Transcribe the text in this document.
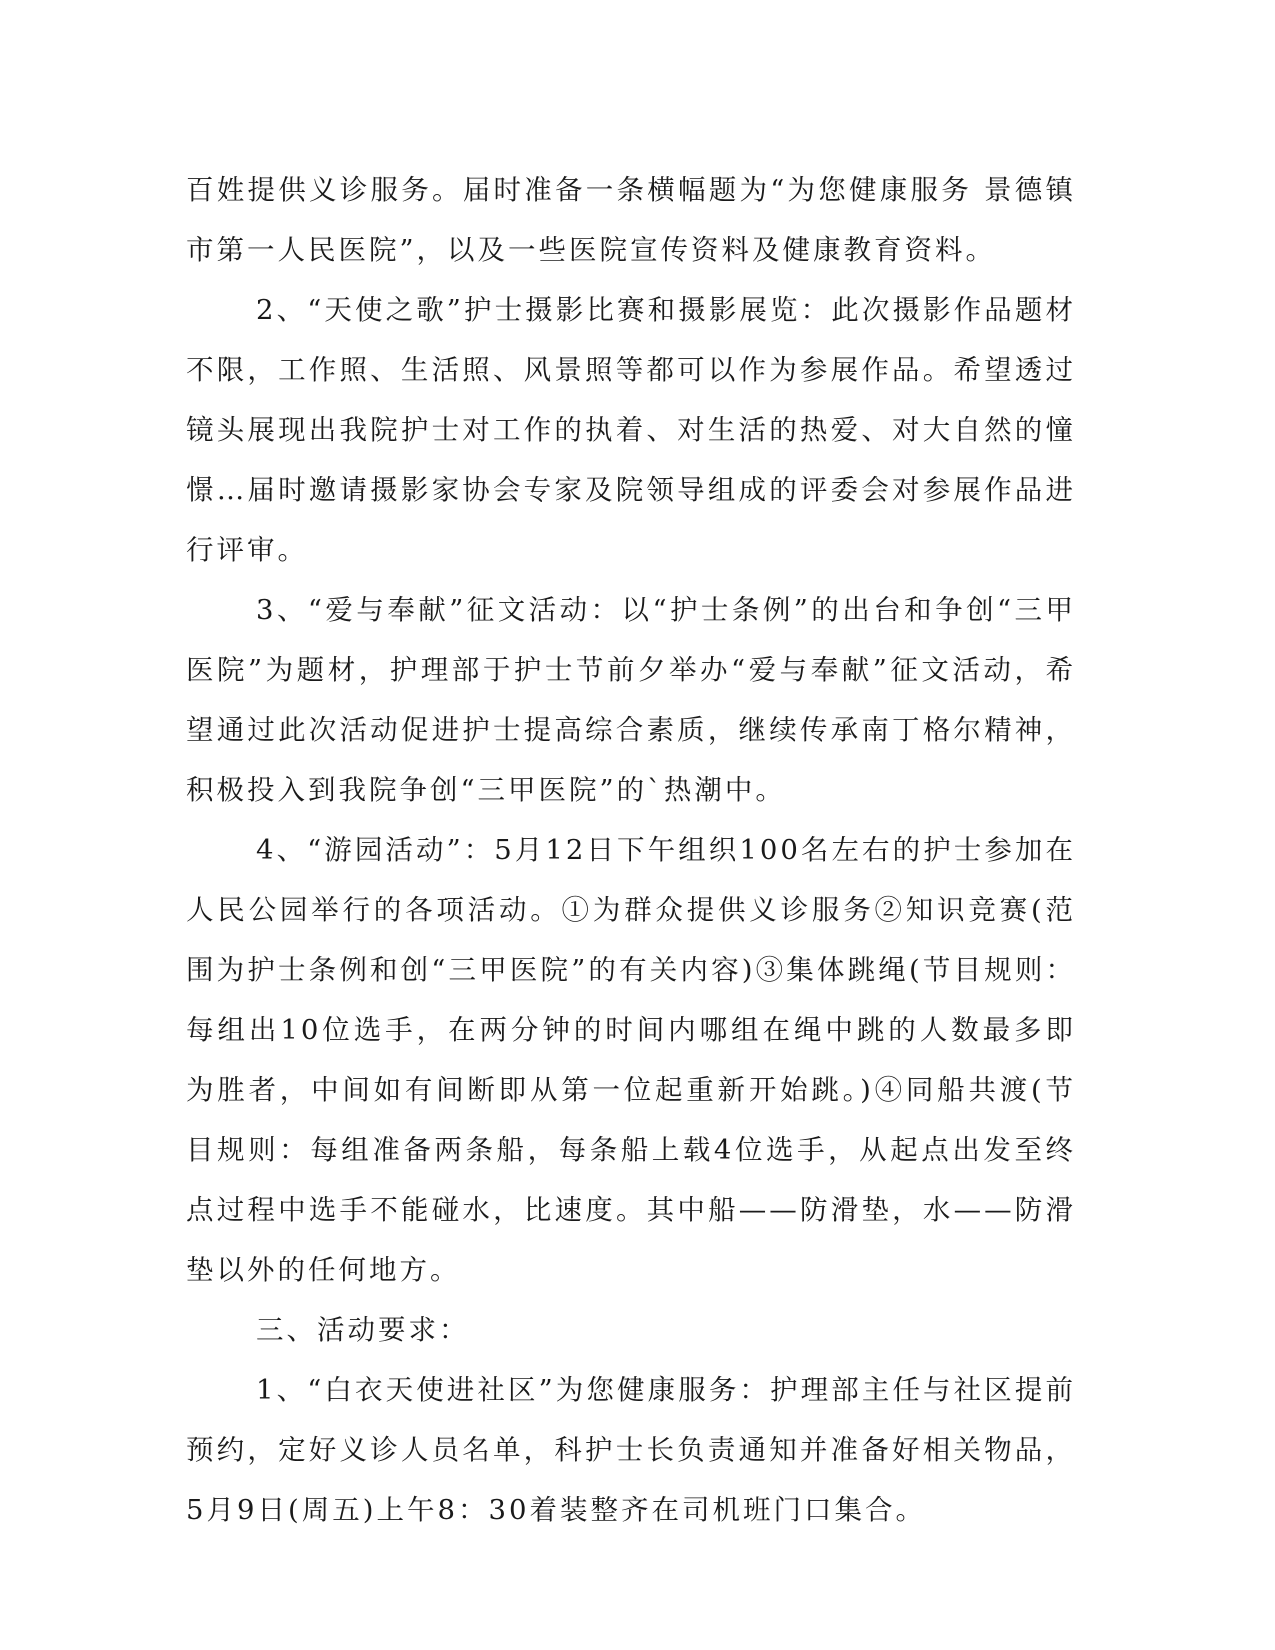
百姓提供义诊服务。届时准备一条横幅题为“为您健康服务 景德镇市第一人民医院”，以及一些医院宣传资料及健康教育资料。

2、“天使之歌”护士摄影比赛和摄影展览：此次摄影作品题材不限，工作照、生活照、风景照等都可以作为参展作品。希望透过镜头展现出我院护士对工作的执着、对生活的热爱、对大自然的憧憬…届时邀请摄影家协会专家及院领导组成的评委会对参展作品进行评审。

3、“爱与奉献”征文活动：以“护士条例”的出台和争创“三甲医院”为题材，护理部于护士节前夕举办“爱与奉献”征文活动，希望通过此次活动促进护士提高综合素质，继续传承南丁格尔精神，积极投入到我院争创“三甲医院”的`热潮中。

4、“游园活动”：5月12日下午组织100名左右的护士参加在人民公园举行的各项活动。①为群众提供义诊服务②知识竞赛(范围为护士条例和创“三甲医院”的有关内容)③集体跳绳(节目规则：每组出10位选手，在两分钟的时间内哪组在绳中跳的人数最多即为胜者，中间如有间断即从第一位起重新开始跳。)④同船共渡(节目规则：每组准备两条船，每条船上载4位选手，从起点出发至终点过程中选手不能碰水，比速度。其中船——防滑垫，水——防滑垫以外的任何地方。

三、活动要求：

1、“白衣天使进社区”为您健康服务：护理部主任与社区提前预约，定好义诊人员名单，科护士长负责通知并准备好相关物品，5月9日(周五)上午8：30着装整齐在司机班门口集合。
